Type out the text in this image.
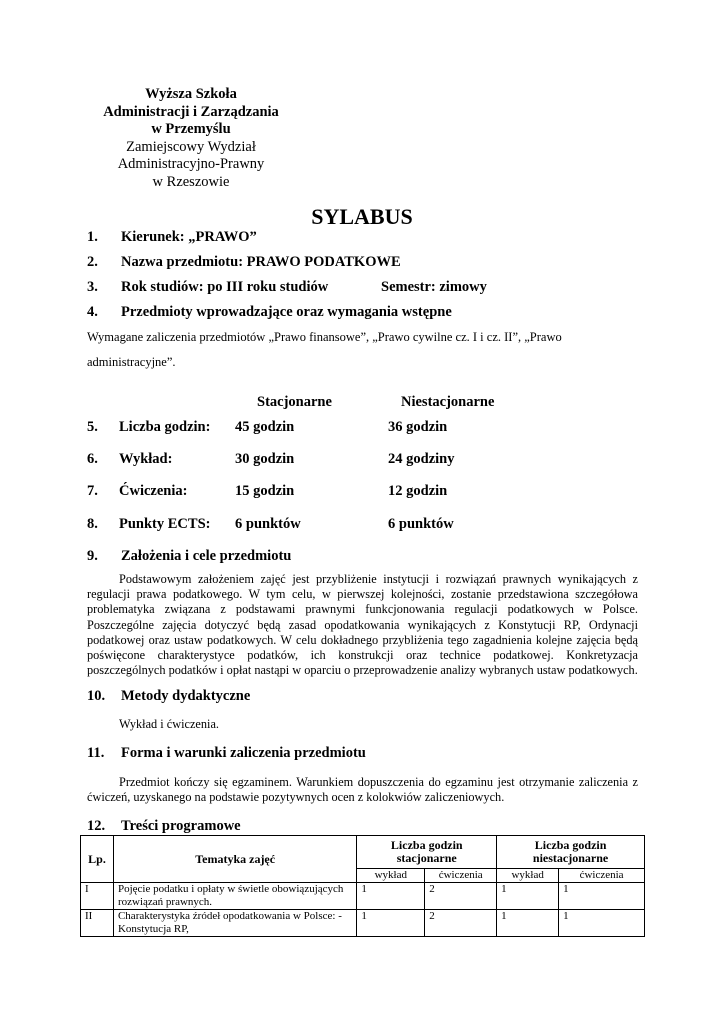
Wyższa Szkoła
Administracji i Zarządzania
w Przemyślu
Zamiejscowy Wydział
Administracyjno-Prawny
w Rzeszowie
SYLABUS
1. Kierunek: „PRAWO”
2. Nazwa przedmiotu: PRAWO PODATKOWE
3. Rok studiów: po III roku studiów	Semestr: zimowy
4. Przedmioty wprowadzające oraz wymagania wstępne
Wymagane zaliczenia przedmiotów „Prawo finansowe”, „Prawo cywilne cz. I i cz. II”, „Prawo
administracyjne”.
Stacjonarne	Niestacjonarne
5. Liczba godzin: 45 godzin	36 godzin
6. Wykład:	30 godzin	24 godziny
7. Ćwiczenia:	15 godzin	12 godzin
8. Punkty ECTS: 6 punktów	6 punktów
9. Założenia i cele przedmiotu

Podstawowym założeniem zajęć jest przybliżenie instytucji i rozwiązań prawnych wynikających z regulacji prawa podatkowego. W tym celu, w pierwszej kolejności, zostanie przedstawiona szczegółowa problematyka związana z podstawami prawnymi funkcjonowania regulacji podatkowych w Polsce. Poszczególne zajęcia dotyczyć będą zasad opodatkowania wynikających z Konstytucji RP, Ordynacji podatkowej oraz ustaw podatkowych. W celu dokładnego przybliżenia tego zagadnienia kolejne zajęcia będą poświęcone charakterystyce podatków, ich konstrukcji oraz technice podatkowej. Konkretyzacja poszczególnych podatków i opłat nastąpi w oparciu o przeprowadzenie analizy wybranych ustaw podatkowych.

10. Metody dydaktyczne
Wykład i ćwiczenia.
11. Forma i warunki zaliczenia przedmiotu

Przedmiot kończy się egzaminem. Warunkiem dopuszczenia do egzaminu jest otrzymanie zaliczenia z ćwiczeń, uzyskanego na podstawie pozytywnych ocen z kolokwiów zaliczeniowych.

12. Treści programowe
Lp.	Tematyka zajęć	Liczba godzin stacjonarne		Liczba godzin niestacjonarne	
		wykład	ćwiczenia	wykład	ćwiczenia
I	Pojęcie podatku i opłaty w świetle obowiązujących rozwiązań prawnych.	1	2	1	1
II	Charakterystyka źródeł opodatkowania w Polsce: - Konstytucja RP,	1	2	1	1
